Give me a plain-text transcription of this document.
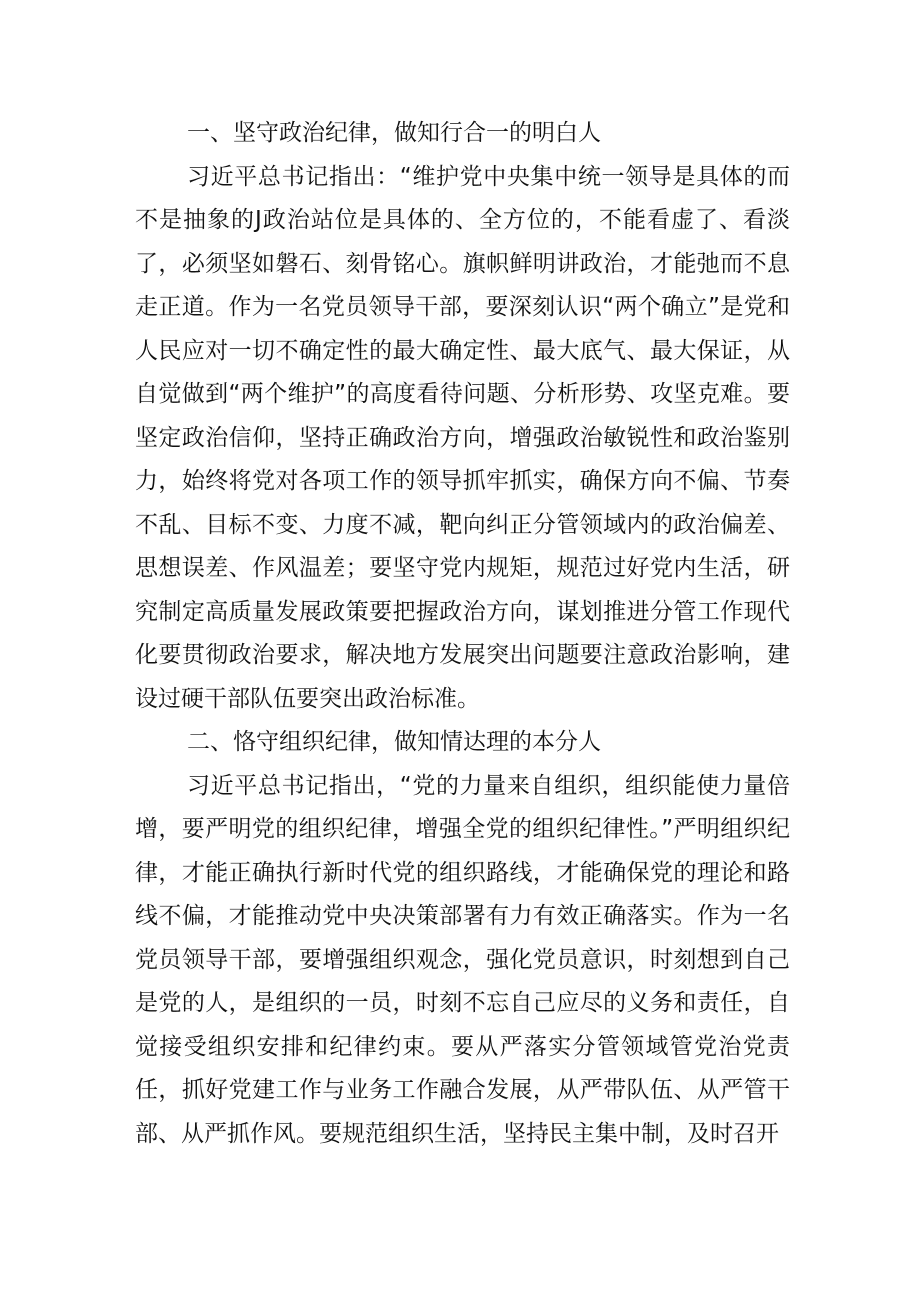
一、坚守政治纪律，做知行合一的明白人

习近平总书记指出：“维护党中央集中统一领导是具体的而不是抽象的J政治站位是具体的、全方位的，不能看虚了、看淡了，必须坚如磐石、刻骨铭心。旗帜鲜明讲政治，才能弛而不息走正道。作为一名党员领导干部，要深刻认识“两个确立”是党和人民应对一切不确定性的最大确定性、最大底气、最大保证，从自觉做到“两个维护”的高度看待问题、分析形势、攻坚克难。要坚定政治信仰，坚持正确政治方向，增强政治敏锐性和政治鉴别力，始终将党对各项工作的领导抓牢抓实，确保方向不偏、节奏不乱、目标不变、力度不减，靶向纠正分管领域内的政治偏差、思想误差、作风温差；要坚守党内规矩，规范过好党内生活，研究制定高质量发展政策要把握政治方向，谋划推进分管工作现代化要贯彻政治要求，解决地方发展突出问题要注意政治影响，建设过硬干部队伍要突出政治标准。

二、恪守组织纪律，做知情达理的本分人

习近平总书记指出，“党的力量来自组织，组织能使力量倍增，要严明党的组织纪律，增强全党的组织纪律性。”严明组织纪律，才能正确执行新时代党的组织路线，才能确保党的理论和路线不偏，才能推动党中央决策部署有力有效正确落实。作为一名党员领导干部，要增强组织观念，强化党员意识，时刻想到自己是党的人，是组织的一员，时刻不忘自己应尽的义务和责任，自觉接受组织安排和纪律约束。要从严落实分管领域管党治党责任，抓好党建工作与业务工作融合发展，从严带队伍、从严管干部、从严抓作风。要规范组织生活，坚持民主集中制，及时召开
